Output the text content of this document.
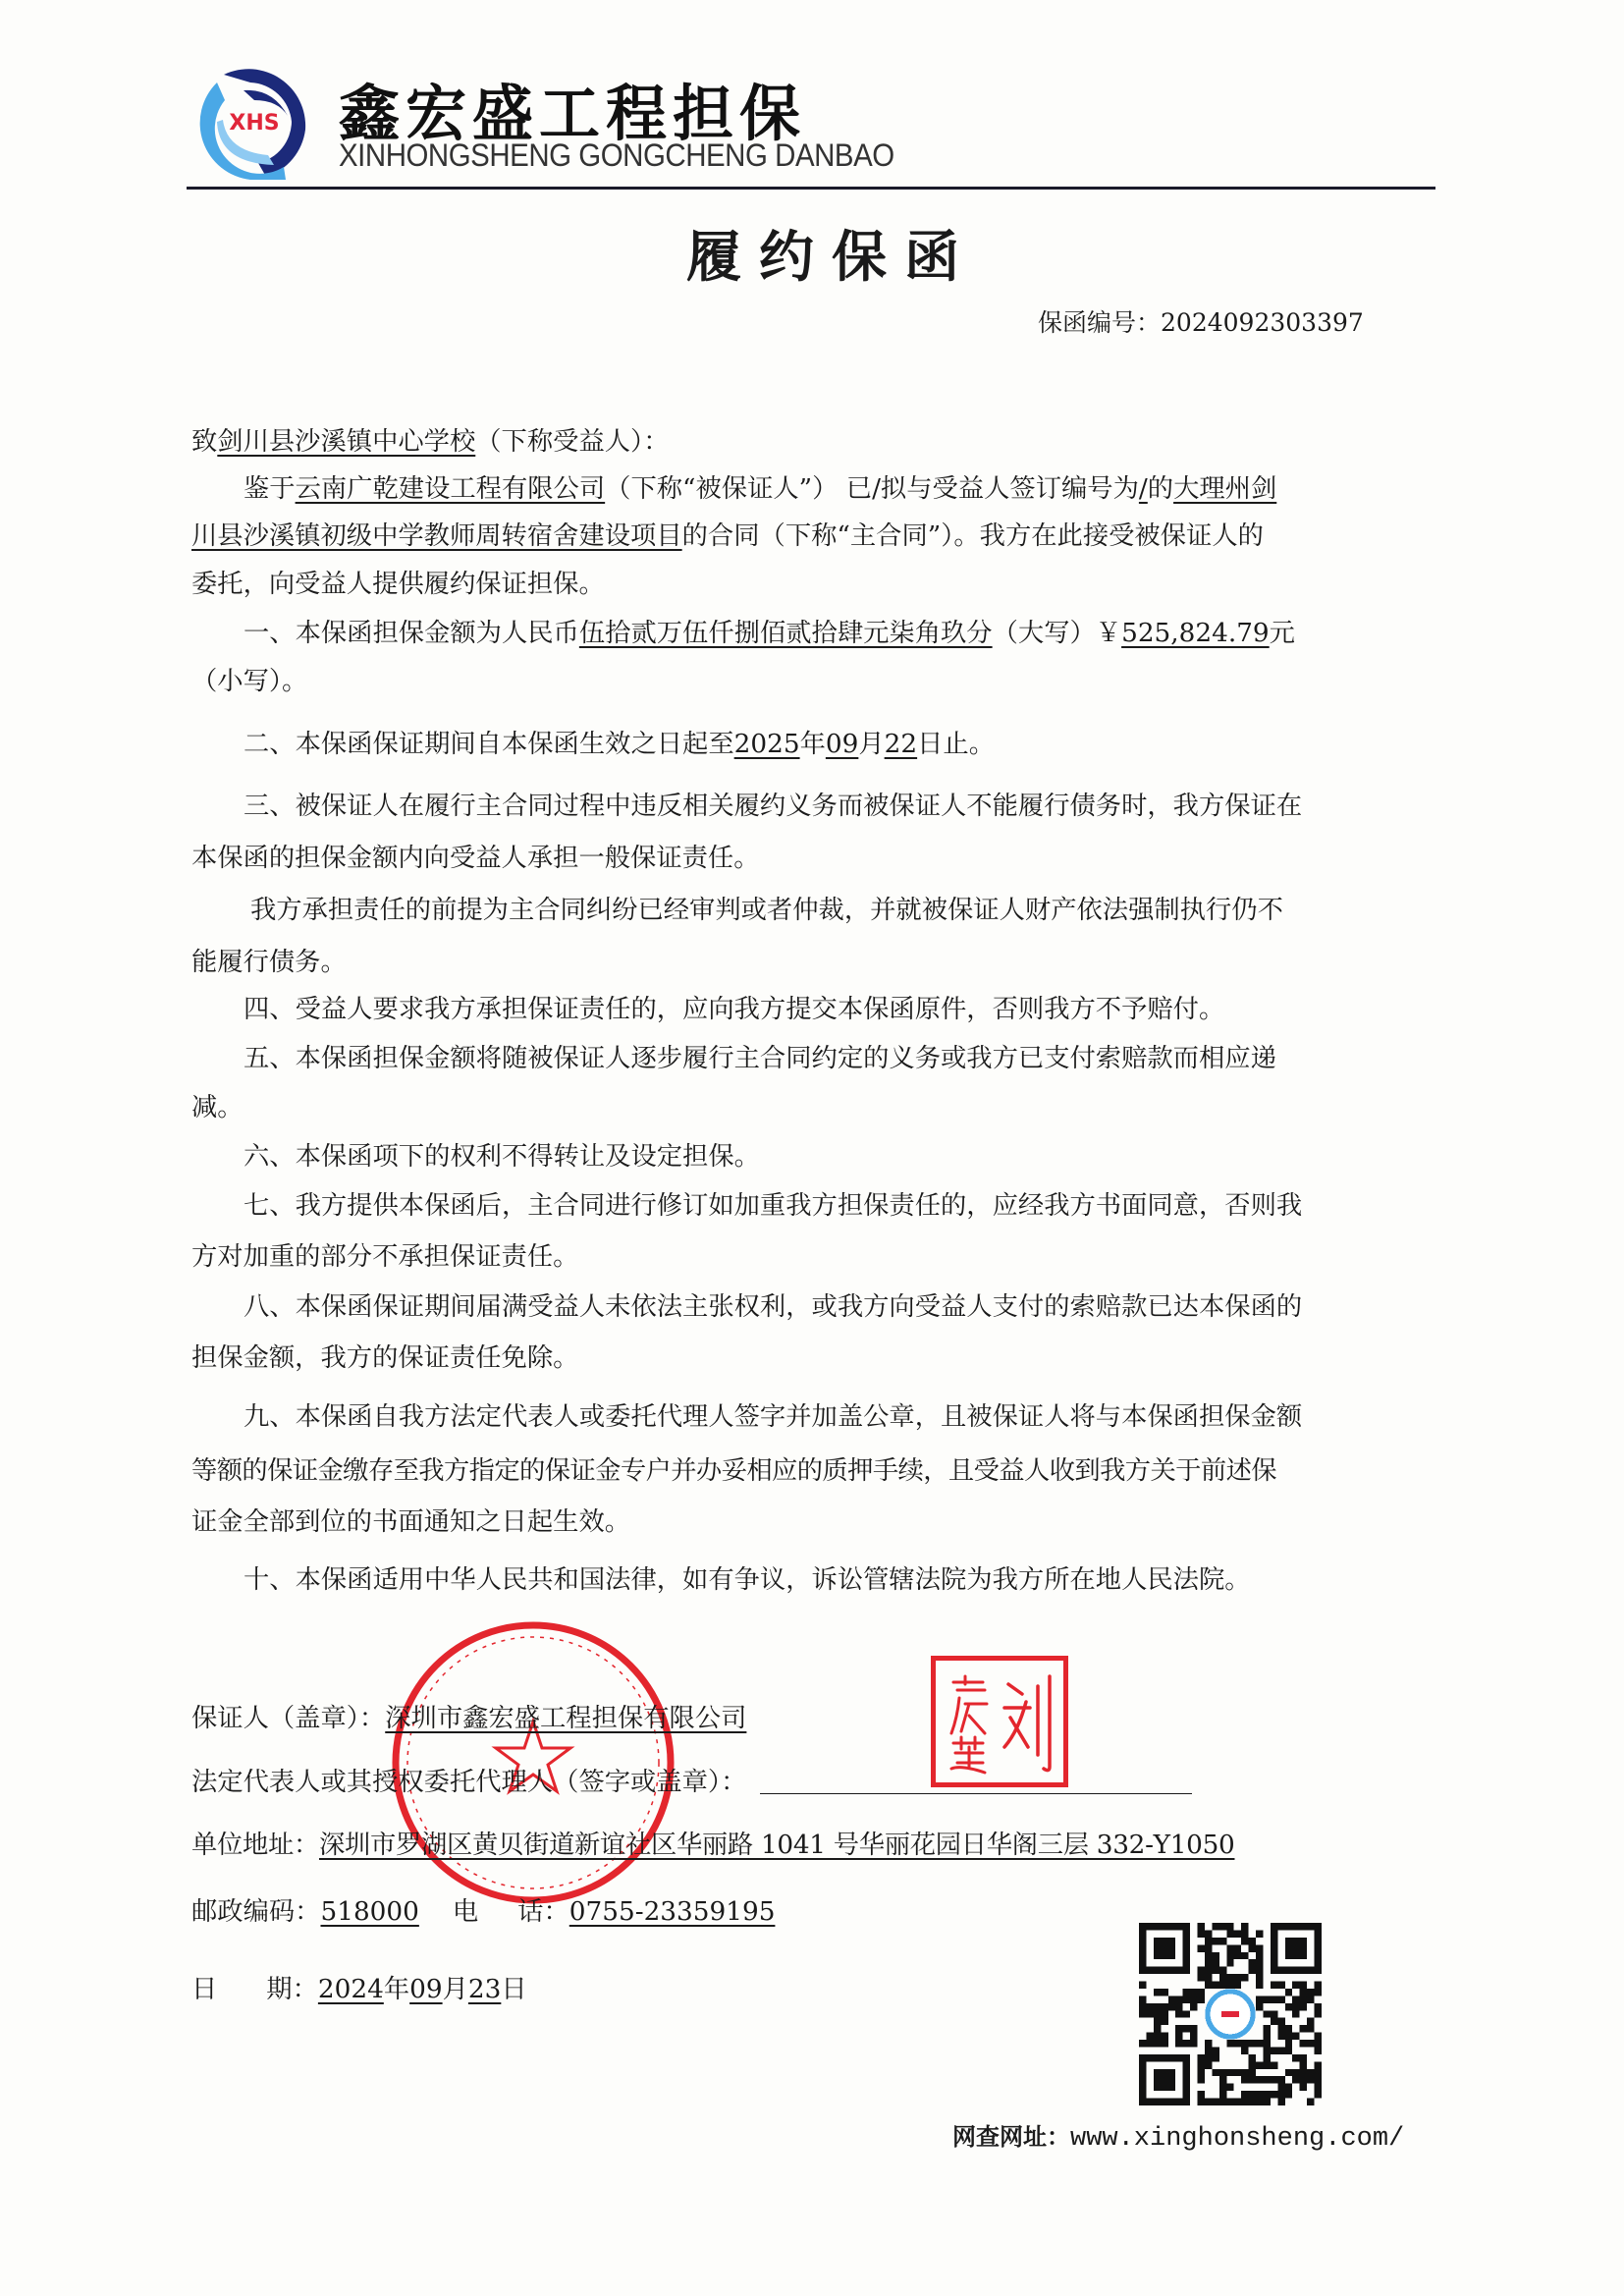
XHS 鑫宏盛工程担保
XINHONGSHENG GONGCHENG DANBAO
履约保函
保函编号：2024092303397
致剑川县沙溪镇中心学校（下称受益人）：
鉴于云南广乾建设工程有限公司（下称“被保证人”） 已/拟与受益人签订编号为/的大理州剑
川县沙溪镇初级中学教师周转宿舍建设项目的合同（下称“主合同”）。我方在此接受被保证人的
委托，向受益人提供履约保证担保。
一、本保函担保金额为人民币伍拾贰万伍仟捌佰贰拾肆元柒角玖分（大写）￥525,824.79元
（小写）。
二、本保函保证期间自本保函生效之日起至2025年09月22日止。
三、被保证人在履行主合同过程中违反相关履约义务而被保证人不能履行债务时，我方保证在
本保函的担保金额内向受益人承担一般保证责任。
我方承担责任的前提为主合同纠纷已经审判或者仲裁，并就被保证人财产依法强制执行仍不
能履行债务。
四、受益人要求我方承担保证责任的，应向我方提交本保函原件，否则我方不予赔付。
五、本保函担保金额将随被保证人逐步履行主合同约定的义务或我方已支付索赔款而相应递
减。
六、本保函项下的权利不得转让及设定担保。
七、我方提供本保函后，主合同进行修订如加重我方担保责任的，应经我方书面同意，否则我
方对加重的部分不承担保证责任。
八、本保函保证期间届满受益人未依法主张权利，或我方向受益人支付的索赔款已达本保函的
担保金额，我方的保证责任免除。
九、本保函自我方法定代表人或委托代理人签字并加盖公章，且被保证人将与本保函担保金额
等额的保证金缴存至我方指定的保证金专户并办妥相应的质押手续，且受益人收到我方关于前述保
证金全部到位的书面通知之日起生效。
十、本保函适用中华人民共和国法律，如有争议，诉讼管辖法院为我方所在地人民法院。
保证人（盖章）：深圳市鑫宏盛工程担保有限公司
法定代表人或其授权委托代理人（签字或盖章）：
单位地址：深圳市罗湖区黄贝街道新谊社区华丽路 1041 号华丽花园日华阁三层 332-Y1050
邮政编码：518000 电 话：0755-23359195
日 期：2024年09月23日
网查网址：www.xinghonsheng.com/
